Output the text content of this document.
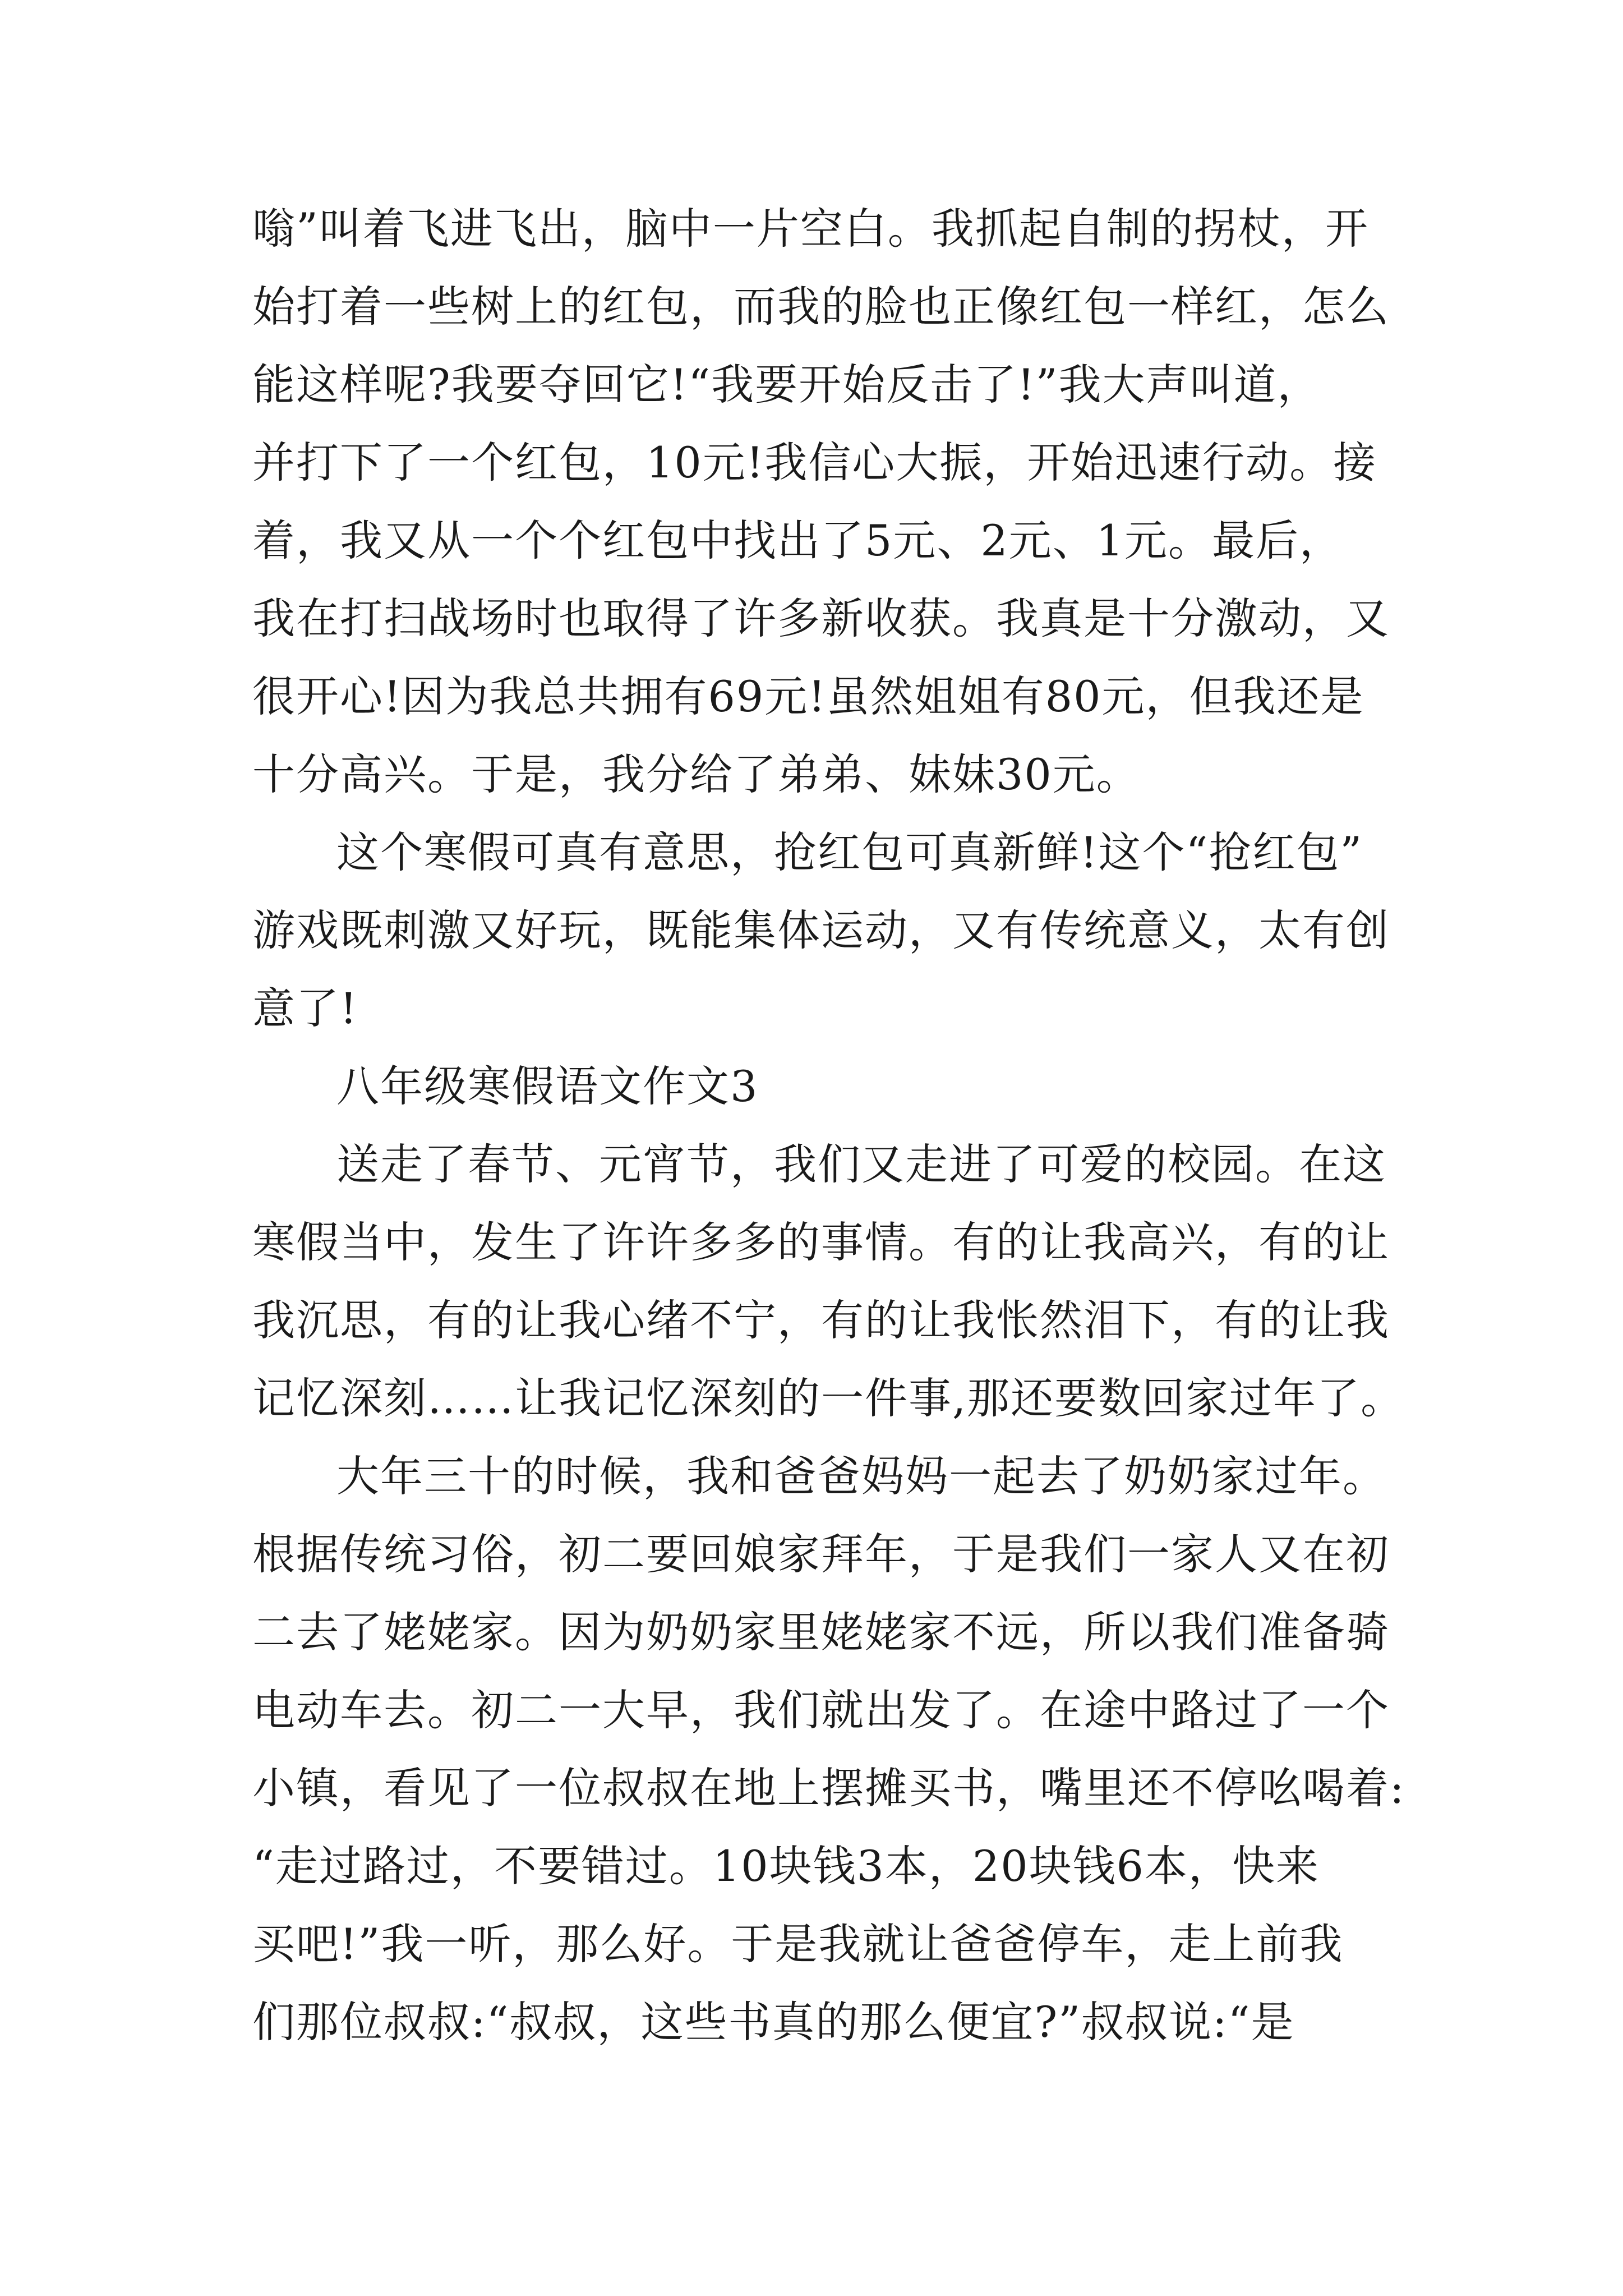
嗡”叫着飞进飞出，脑中一片空白。我抓起自制的拐杖，开
始打着一些树上的红包，而我的脸也正像红包一样红，怎么
能这样呢?我要夺回它!“我要开始反击了!”我大声叫道，
并打下了一个红包，10元!我信心大振，开始迅速行动。接
着，我又从一个个红包中找出了5元、2元、1元。最后，
我在打扫战场时也取得了许多新收获。我真是十分激动，又
很开心!因为我总共拥有69元!虽然姐姐有80元，但我还是
十分高兴。于是，我分给了弟弟、妹妹30元。
这个寒假可真有意思，抢红包可真新鲜!这个“抢红包”
游戏既刺激又好玩，既能集体运动，又有传统意义，太有创
意了!
八年级寒假语文作文3
送走了春节、元宵节，我们又走进了可爱的校园。在这
寒假当中，发生了许许多多的事情。有的让我高兴，有的让
我沉思，有的让我心绪不宁，有的让我怅然泪下，有的让我
记忆深刻……让我记忆深刻的一件事,那还要数回家过年了。
大年三十的时候，我和爸爸妈妈一起去了奶奶家过年。
根据传统习俗，初二要回娘家拜年，于是我们一家人又在初
二去了姥姥家。因为奶奶家里姥姥家不远，所以我们准备骑
电动车去。初二一大早，我们就出发了。在途中路过了一个
小镇，看见了一位叔叔在地上摆摊买书，嘴里还不停吆喝着:
“走过路过，不要错过。10块钱3本，20块钱6本，快来
买吧!”我一听，那么好。于是我就让爸爸停车，走上前我
们那位叔叔:“叔叔，这些书真的那么便宜?”叔叔说:“是
